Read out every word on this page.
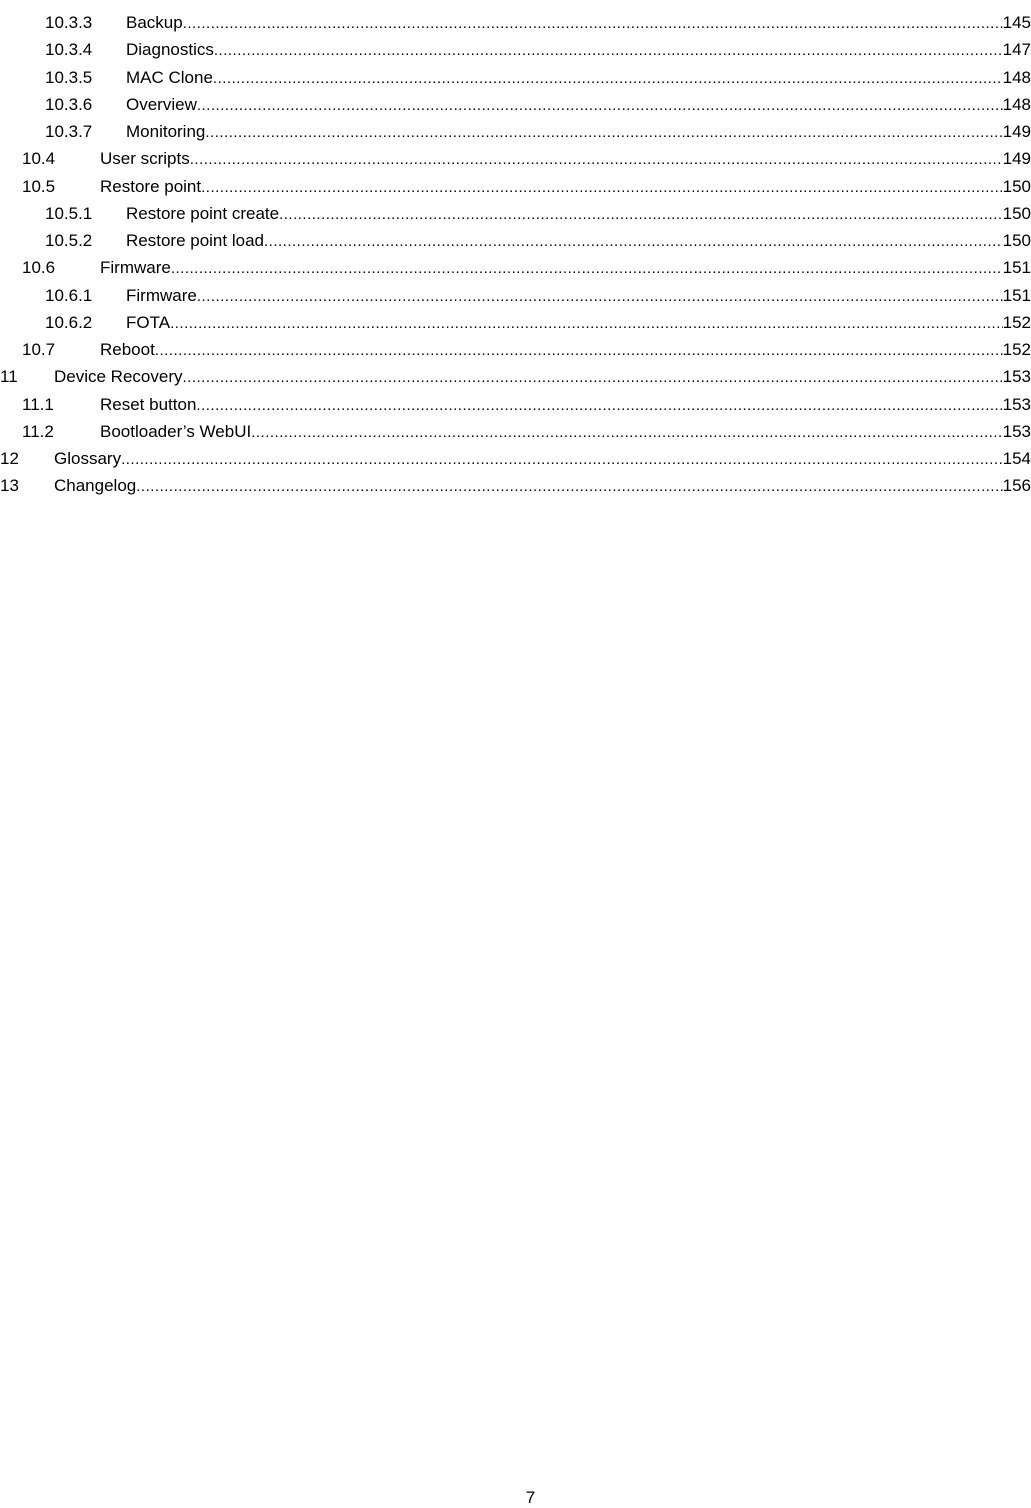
10.3.3 Backup .....	145
10.3.4 Diagnostics .....	147
10.3.5 MAC Clone .....	148
10.3.6 Overview .....	148
10.3.7 Monitoring .....	149
10.4	User scripts .....	149
10.5	Restore point .....	150
10.5.1 Restore point create .....	150
10.5.2 Restore point load .....	150
10.6	Firmware .....	151
10.6.1 Firmware .....	151
10.6.2 FOTA .....	152
10.7	Reboot .....	152
11 Device Recovery .....	153
11.1	Reset button .....	153
11.2	Bootloader’s WebUI .....	153
12 Glossary .....	154
13 Changelog .....	156
7
